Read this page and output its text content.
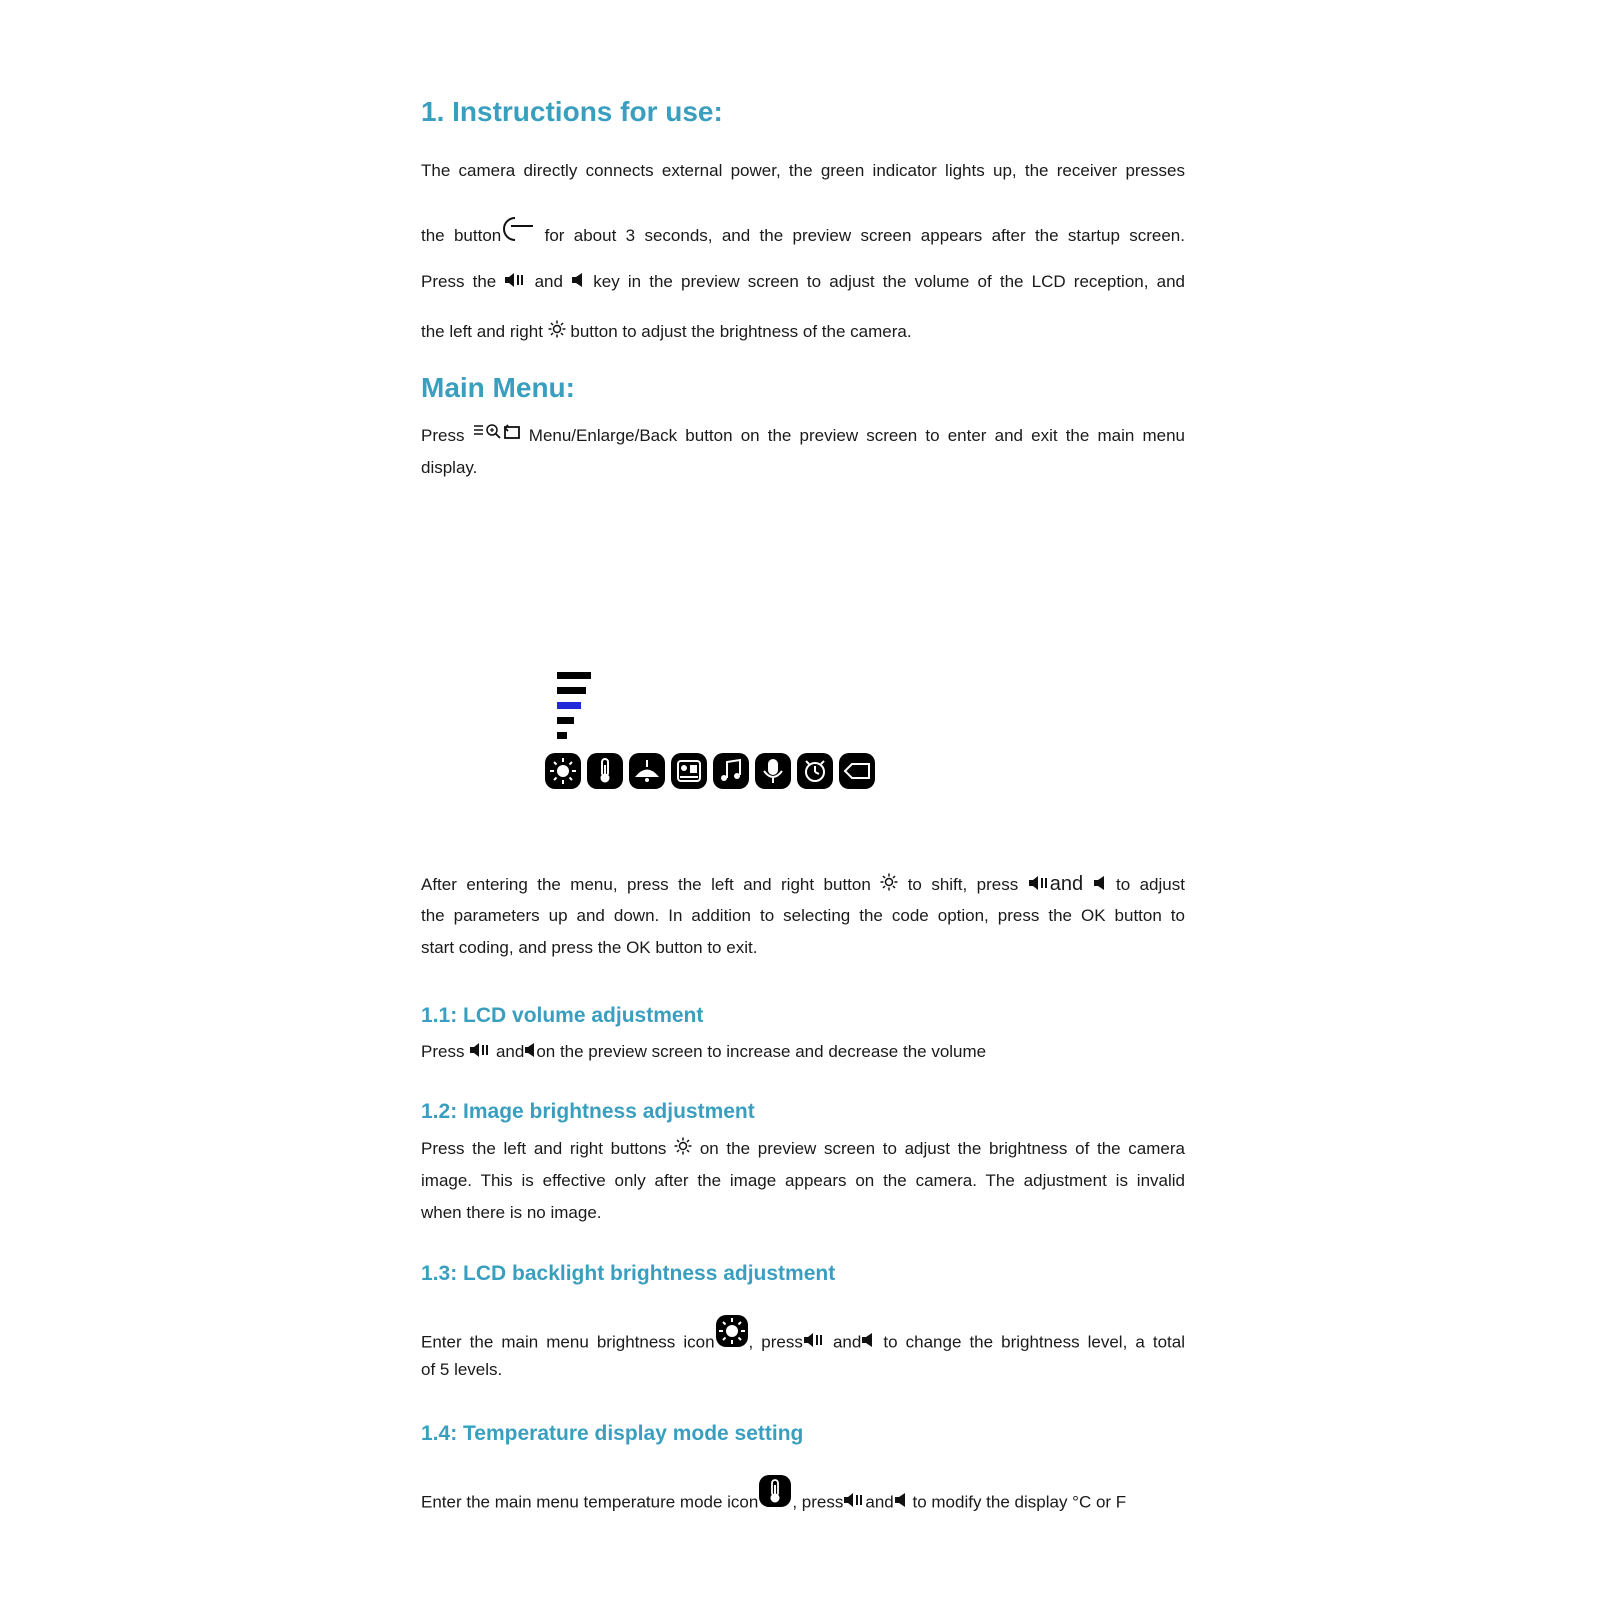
1. Instructions for use:

The camera directly connects external power, the green indicator lights up, the receiver presses

the button	for about 3 seconds, and the preview screen appears after the startup screen.

Press the and key in the preview screen to adjust the volume of the LCD reception, and

the left and right button to adjust the brightness of the camera.

Main Menu:

Press	Menu/Enlarge/Back button on the preview screen to enter and exit the main menu

display.

After entering the menu, press the left and right button to shift, press and to adjust

the parameters up and down. In addition to selecting the code option, press the OK button to

start coding, and press the OK button to exit.

1.1: LCD volume adjustment

Press and on the preview screen to increase and decrease the volume

1.2: Image brightness adjustment

Press the left and right buttons on the preview screen to adjust the brightness of the camera

image. This is effective only after the image appears on the camera. The adjustment is invalid

when there is no image.

1.3: LCD backlight brightness adjustment

Enter the main menu brightness icon , press and to change the brightness level, a total

of 5 levels.

1.4: Temperature display mode setting

Enter the main menu temperature mode icon , press and to modify the display °C or F
